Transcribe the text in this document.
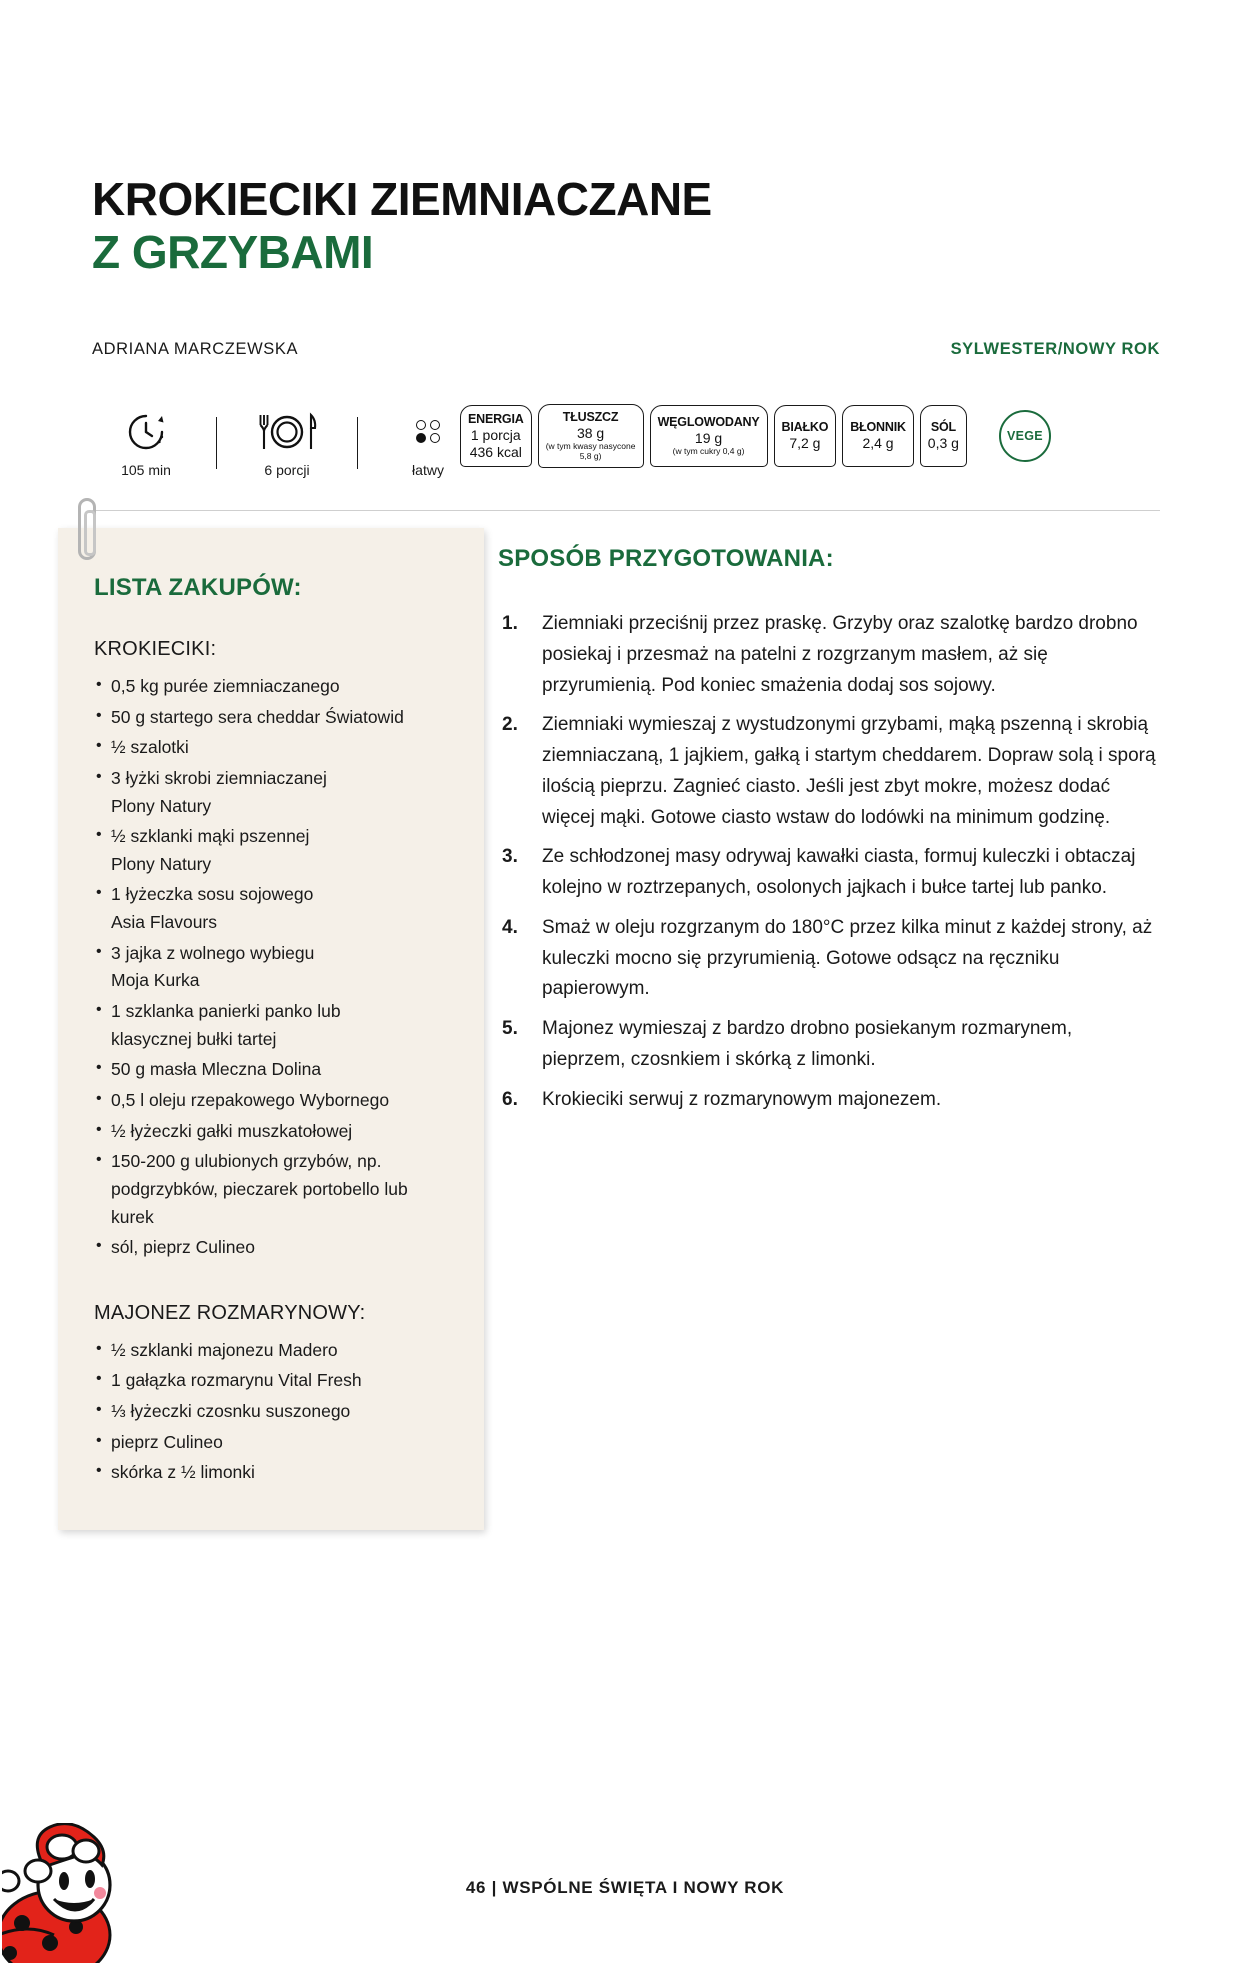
KROKIECIKI ZIEMNIACZANE
Z GRZYBAMI
ADRIANA MARCZEWSKA	SYLWESTER/NOWY ROK
105 min	6 porcji	łatwy
ENERGIA
1 porcja
436 kcal
TŁUSZCZ
38 g
(w tym kwasy nasycone 5,8 g)
WĘGLOWODANY
19 g
(w tym cukry 0,4 g)
BIAŁKO
7,2 g
BŁONNIK
2,4 g
SÓL
0,3 g	VEGE
LISTA ZAKUPÓW:
KROKIECIKI:
• 0,5 kg purée ziemniaczanego
• 50 g startego sera cheddar Światowid
• ½ szalotki
• 3 łyżki skrobi ziemniaczanej
Plony Natury
• ½ szklanki mąki pszennej
Plony Natury
• 1 łyżeczka sosu sojowego
Asia Flavours
• 3 jajka z wolnego wybiegu
Moja Kurka
• 1 szklanka panierki panko lub
klasycznej bułki tartej
• 50 g masła Mleczna Dolina
• 0,5 l oleju rzepakowego Wybornego
• ½ łyżeczki gałki muszkatołowej
• 150-200 g ulubionych grzybów, np. podgrzybków, pieczarek portobello lub kurek
• sól, pieprz Culineo
MAJONEZ ROZMARYNOWY:
• ½ szklanki majonezu Madero
• 1 gałązka rozmarynu Vital Fresh
• ⅓ łyżeczki czosnku suszonego
• pieprz Culineo
• skórka z ½ limonki
SPOSÓB PRZYGOTOWANIA:
Ziemniaki przeciśnij przez praskę. Grzyby oraz szalotkę bardzo drobno posiekaj i przesmaż na patelni z rozgrzanym masłem, aż się przyrumienią. Pod koniec smażenia dodaj sos sojowy.
Ziemniaki wymieszaj z wystudzonymi grzybami, mąką pszenną i skrobią ziemniaczaną, 1 jajkiem, gałką i startym cheddarem. Dopraw solą i sporą ilością pieprzu. Zagnieć ciasto. Jeśli jest zbyt mokre, możesz dodać więcej mąki. Gotowe ciasto wstaw do lodówki na minimum godzinę.
Ze schłodzonej masy odrywaj kawałki ciasta, formuj kuleczki i obtaczaj kolejno w roztrzepanych, osolonych jajkach i bułce tartej lub panko.
Smaż w oleju rozgrzanym do 180°C przez kilka minut z każdej strony, aż kuleczki mocno się przyrumienią. Gotowe odsącz na ręczniku papierowym.
Majonez wymieszaj z bardzo drobno posiekanym rozmarynem, pieprzem, czosnkiem i skórką z limonki.
Krokieciki serwuj z rozmarynowym majonezem.
46 | WSPÓLNE ŚWIĘTA I NOWY ROK
